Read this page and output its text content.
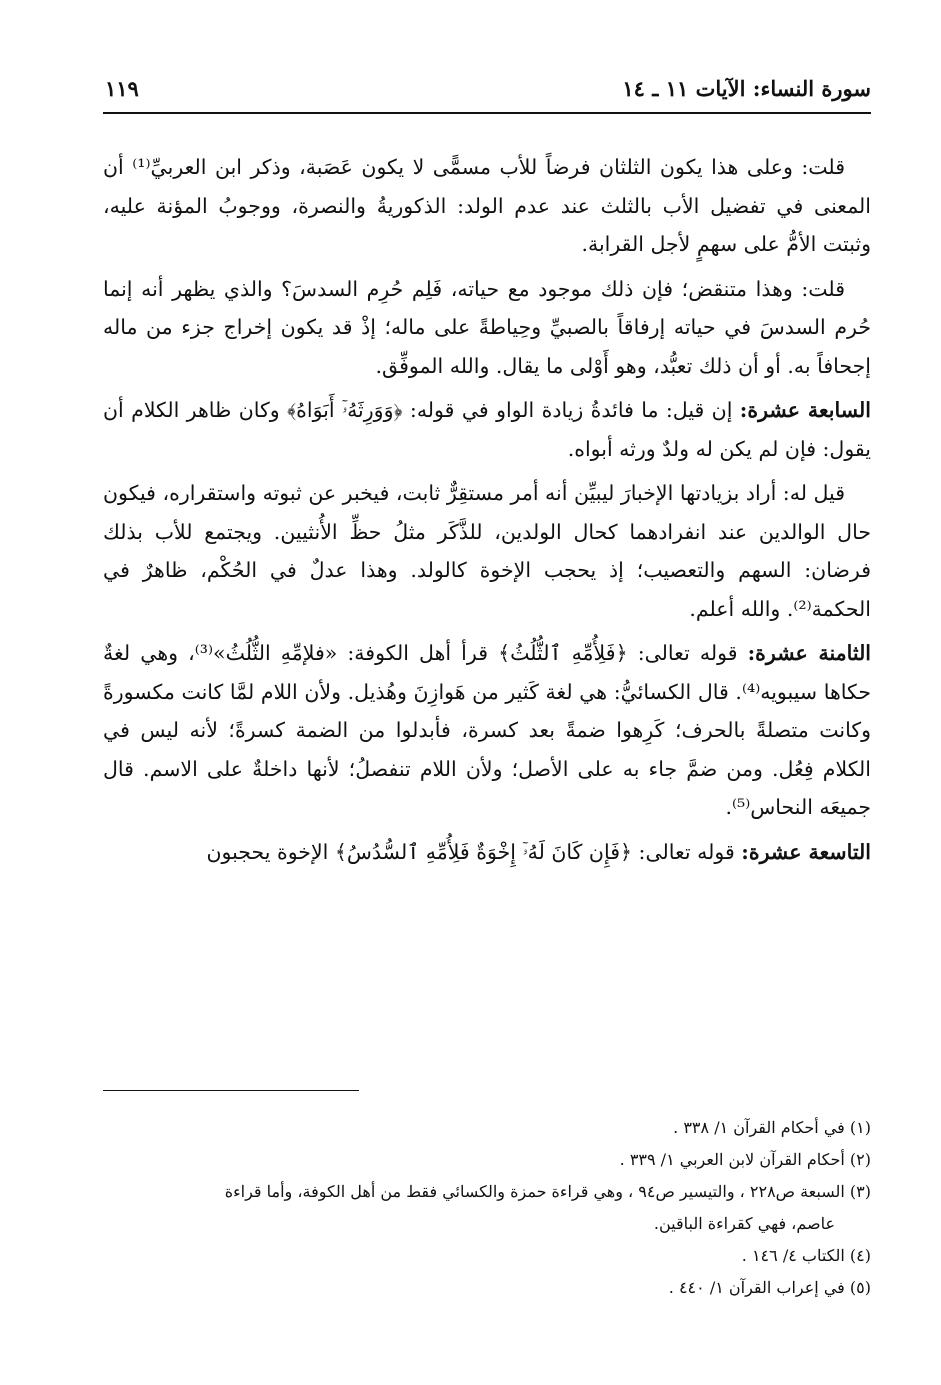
سورة النساء: الآيات ١١ ـ ١٤
١١٩

قلت: وعلى هذا يكون الثلثان فرضاً للأب مسمًّى لا يكون عَصَبة، وذكر ابن العربيِّ⁽¹⁾ أن المعنى في تفضيل الأب بالثلث عند عدم الولد: الذكوريةُ والنصرة، ووجوبُ المؤنة عليه، وثبتت الأمُّ على سهمٍ لأجل القرابة.

قلت: وهذا متنقض؛ فإن ذلك موجود مع حياته، فَلِم حُرِم السدسَ؟ والذي يظهر أنه إنما حُرم السدسَ في حياته إرفاقاً بالصبيِّ وحِياطةً على ماله؛ إذْ قد يكون إخراج جزء من ماله إجحافاً به. أو أن ذلك تعبُّد، وهو أَوْلى ما يقال. والله الموفِّق.

السابعة عشرة: إن قيل: ما فائدةُ زيادة الواو في قوله: ﴿وَوَرِثَهُۥٓ أَبَوَاهُ﴾ وكان ظاهر الكلام أن يقول: فإن لم يكن له ولدٌ ورثه أبواه.

قيل له: أراد بزيادتها الإخبارَ ليبيِّن أنه أمر مستقِرٌّ ثابت، فيخبر عن ثبوته واستقراره، فيكون حال الوالدين عند انفرادهما كحال الولدين، للذَّكَر مثلُ حظِّ الأُنثيين. ويجتمع للأب بذلك فرضان: السهم والتعصيب؛ إذ يحجب الإخوة كالولد. وهذا عدلٌ في الحُكْم، ظاهرٌ في الحكمة⁽²⁾. والله أعلم.

الثامنة عشرة: قوله تعالى: ﴿فَلِأُمِّهِ ٱلثُّلُثُ﴾ قرأ أهل الكوفة: «فلإمِّهِ الثُّلُثُ»⁽³⁾، وهي لغةٌ حكاها سيبويه⁽⁴⁾. قال الكسائيُّ: هي لغة كَثير من هَوازِنَ وهُذيل. ولأن اللام لمَّا كانت مكسورةً وكانت متصلةً بالحرف؛ كَرِهوا ضمةً بعد كسرة، فأبدلوا من الضمة كسرةً؛ لأنه ليس في الكلام فِعُل. ومن ضمَّ جاء به على الأصل؛ ولأن اللام تنفصلُ؛ لأنها داخلةٌ على الاسم. قال جميعَه النحاس⁽⁵⁾.

التاسعة عشرة: قوله تعالى: ﴿فَإِن كَانَ لَهُۥٓ إِخْوَةٌ فَلِأُمِّهِ ٱلسُّدُسُ﴾ الإخوة يحجبون

(١) في أحكام القرآن ١/ ٣٣٨ .
(٢) أحكام القرآن لابن العربي ١/ ٣٣٩ .
(٣) السبعة ص٢٢٨ ، والتيسير ص٩٤ ، وهي قراءة حمزة والكسائي فقط من أهل الكوفة، وأما قراءة
عاصم، فهي كقراءة الباقين.
(٤) الكتاب ٤/ ١٤٦ .
(٥) في إعراب القرآن ١/ ٤٤٠ .
